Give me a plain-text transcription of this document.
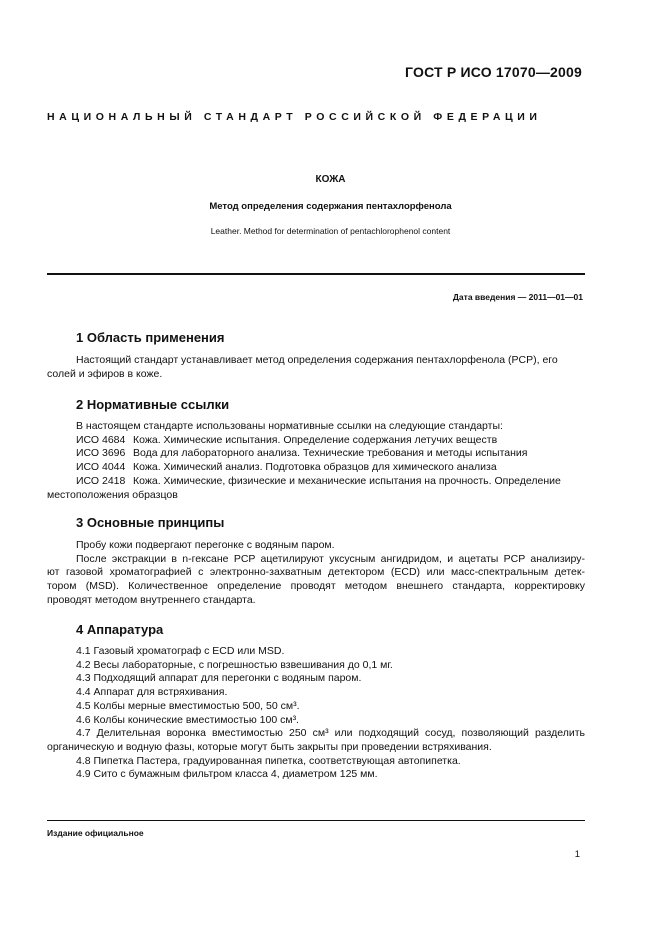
ГОСТ Р ИСО 17070—2009
НАЦИОНАЛЬНЫЙ СТАНДАРТ РОССИЙСКОЙ ФЕДЕРАЦИИ
КОЖА
Метод определения содержания пентахлорфенола
Leather. Method for determination of pentachlorophenol content
Дата введения — 2011—01—01
1 Область применения
Настоящий стандарт устанавливает метод определения содержания пентахлорфенола (PCP), его
солей и эфиров в коже.
2 Нормативные ссылки
В настоящем стандарте использованы нормативные ссылки на следующие стандарты:
ИСО 4684 Кожа. Химические испытания. Определение содержания летучих веществ
ИСО 3696 Вода для лабораторного анализа. Технические требования и методы испытания
ИСО 4044 Кожа. Химический анализ. Подготовка образцов для химического анализа
ИСО 2418 Кожа. Химические, физические и механические испытания на прочность. Определение
местоположения образцов
3 Основные принципы
Пробу кожи подвергают перегонке с водяным паром.
После экстракции в n-гексане PCP ацетилируют уксусным ангидридом, и ацетаты PCP анализиру-
ют газовой хроматографией с электронно-захватным детектором (ECD) или масс-спектральным детек-
тором (MSD). Количественное определение проводят методом внешнего стандарта, корректировку
проводят методом внутреннего стандарта.
4 Аппаратура
4.1 Газовый хроматограф с ECD или MSD.
4.2 Весы лабораторные, с погрешностью взвешивания до 0,1 мг.
4.3 Подходящий аппарат для перегонки с водяным паром.
4.4 Аппарат для встряхивания.
4.5 Колбы мерные вместимостью 500, 50 см³.
4.6 Колбы конические вместимостью 100 см³.
4.7 Делительная воронка вместимостью 250 см³ или подходящий сосуд, позволяющий разделить
органическую и водную фазы, которые могут быть закрыты при проведении встряхивания.
4.8 Пипетка Пастера, градуированная пипетка, соответствующая автопипетка.
4.9 Сито с бумажным фильтром класса 4, диаметром 125 мм.
Издание официальное
1
